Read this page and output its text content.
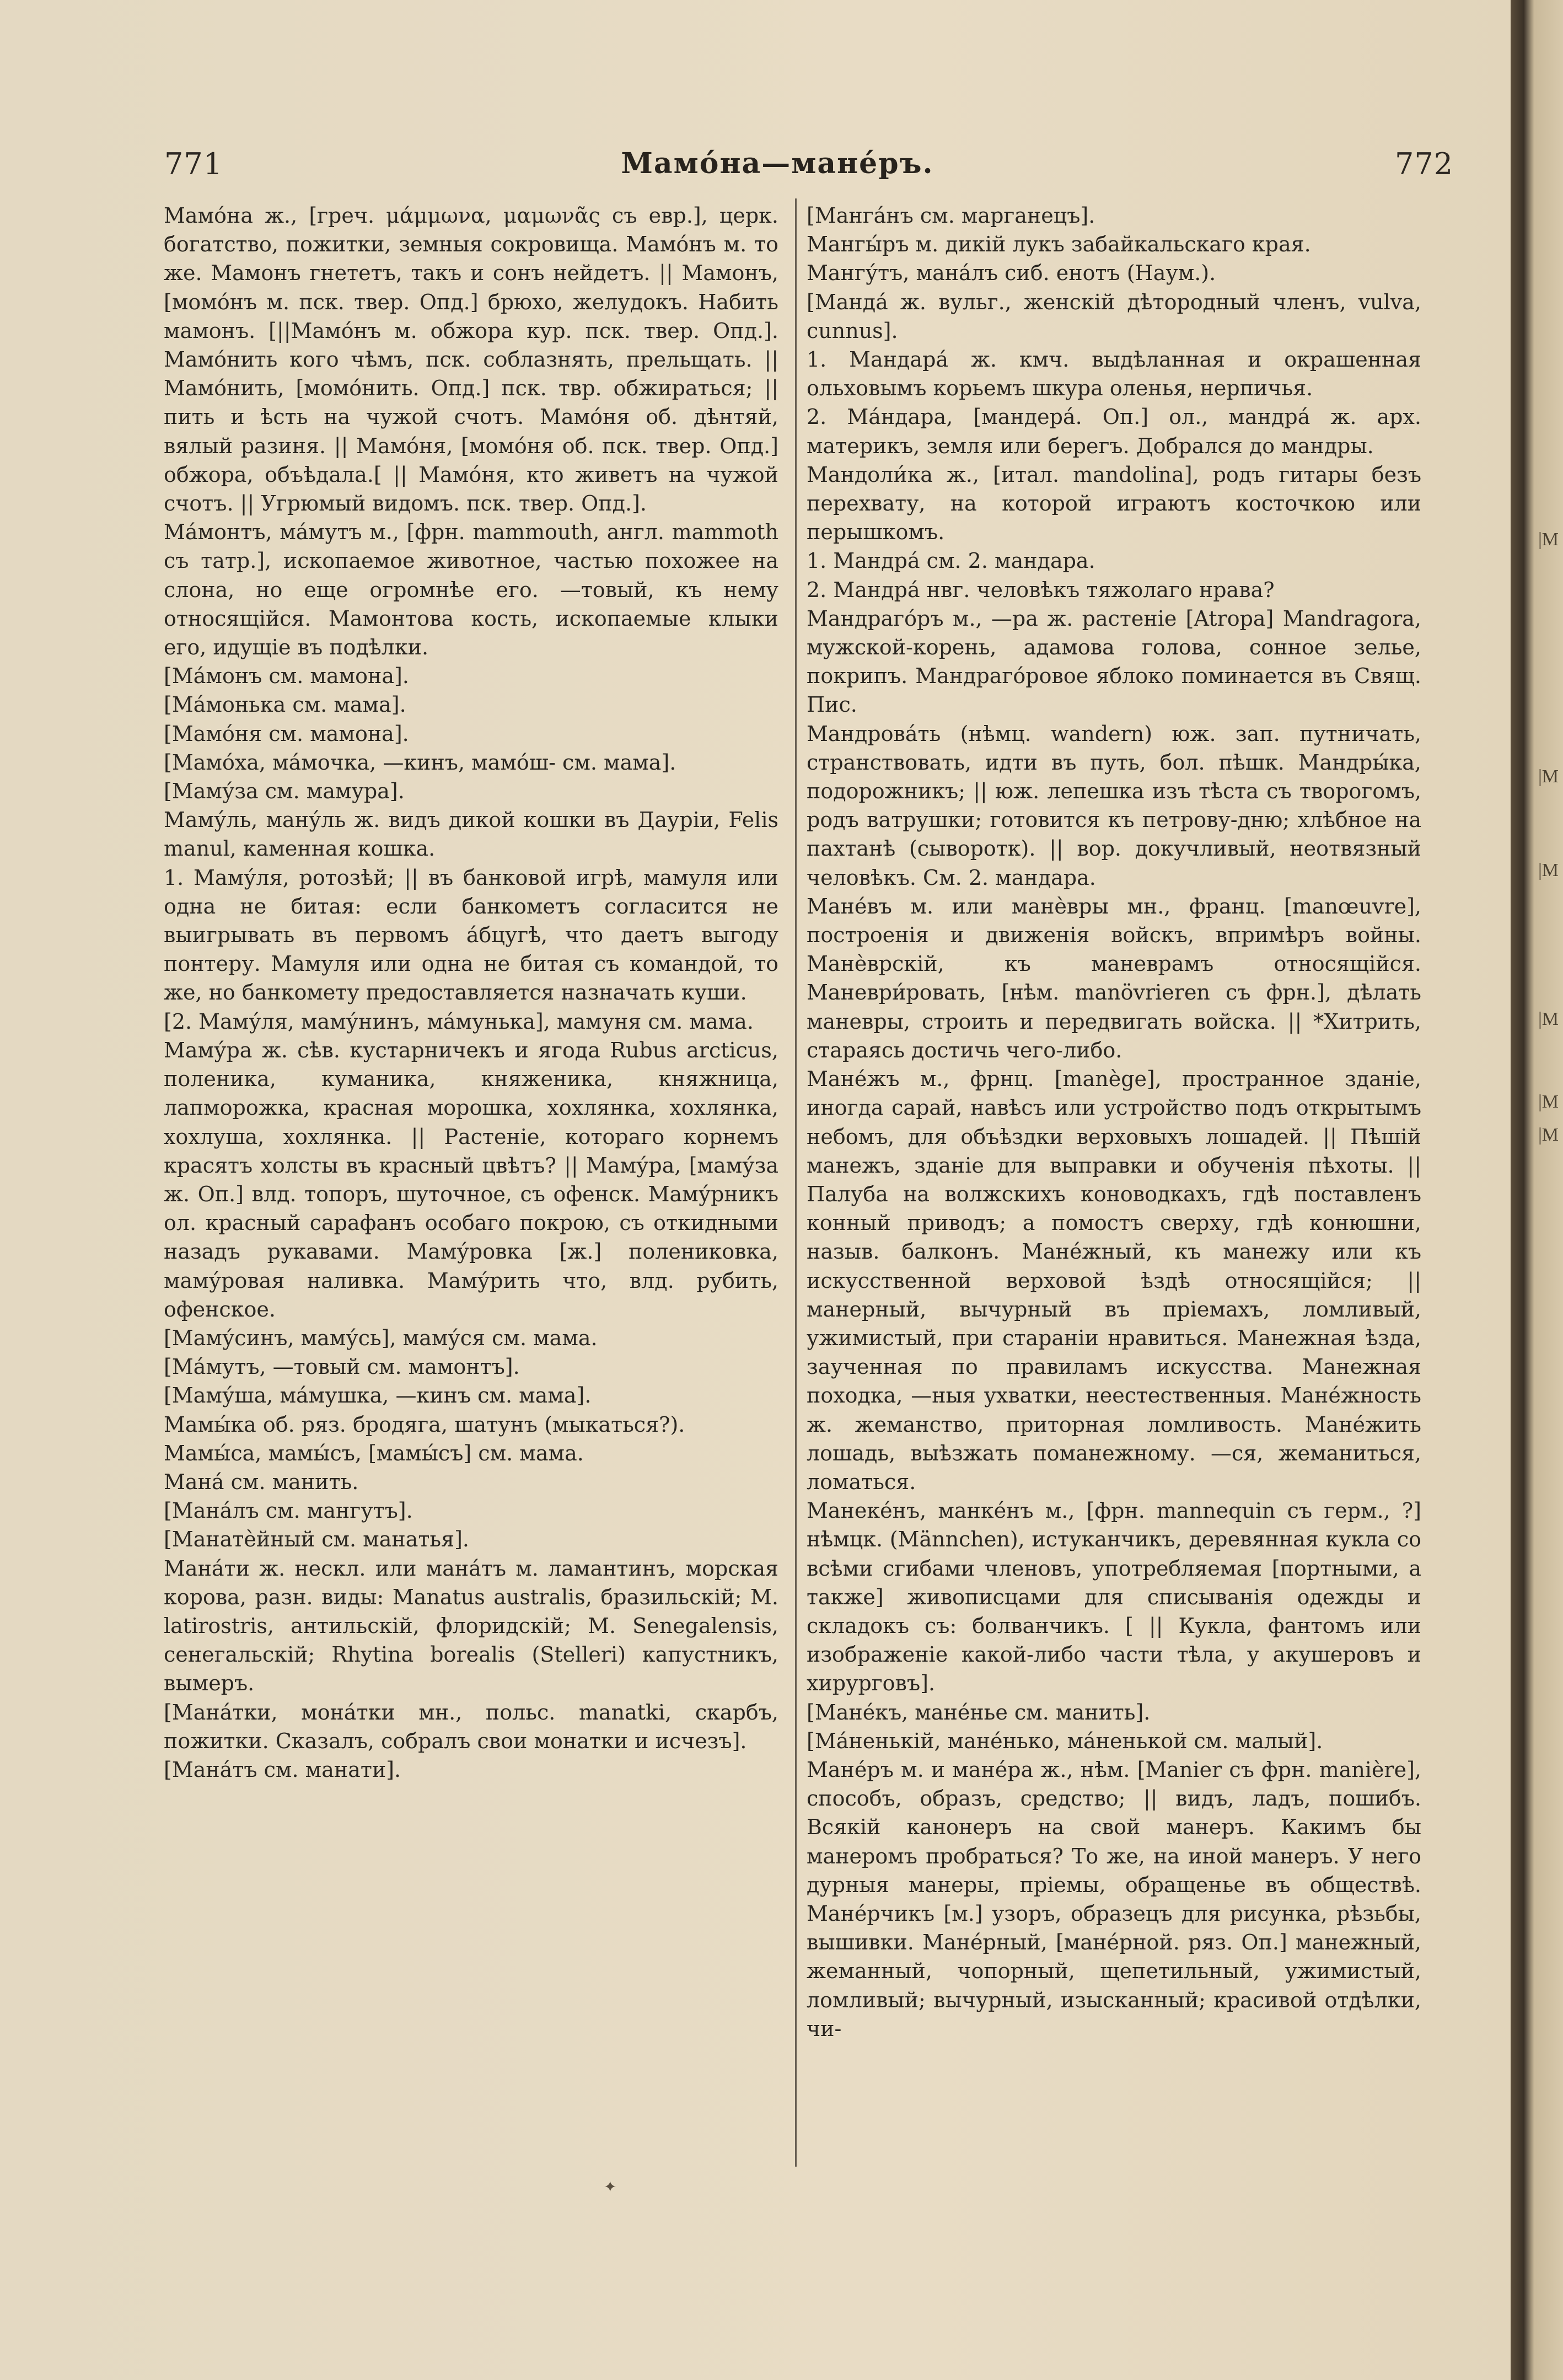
771	Мамо́на—мане́ръ.	772

Мамо́на ж., [греч. μάμμωνα, μαμωνᾶς съ евр.], церк. богатство, пожитки, земныя сокровища. Мамо́нъ м. то же. Мамонъ гнететъ, такъ и сонъ нейдетъ. || Мамонъ, [момо́нъ м. пск. твер. Опд.] брюхо, желудокъ. Набить мамонъ. [||Мамо́нъ м. обжора кур. пск. твер. Опд.]. Мамо́нить кого чѣмъ, пск. соблазнять, прельщать. ||Мамо́нить, [момо́нить. Опд.] пск. твр. обжираться; || пить и ѣсть на чужой счотъ. Мамо́ня об. дѣнтяй, вялый разиня. || Мамо́ня, [момо́ня об. пск. твер. Опд.] обжора, объѣдала.[ || Мамо́ня, кто живетъ на чужой счотъ. || Угрюмый видомъ. пск. твер. Опд.].

Ма́монтъ, ма́мутъ м., [фрн. mammouth, англ. mammoth съ татр.], ископаемое животное, частью похожее на слона, но еще огромнѣе его. —товый, къ нему относящійся. Мамонтова кость, ископаемые клыки его, идущіе въ подѣлки.

[Ма́монъ см. мамона].

[Ма́монька см. мама].

[Мамо́ня см. мамона].

[Мамо́ха, ма́мочка, —кинъ, мамо́ш- см. мама].

[Маму́за см. мамура].

Маму́ль, ману́ль ж. видъ дикой кошки въ Дауріи, Felis manul, каменная кошка.

1. Маму́ля, ротозѣй; || въ банковой игрѣ, мамуля или одна не битая: если банкометъ согласится не выигрывать въ первомъ а́бцугѣ, что даетъ выгоду понтеру. Мамуля или одна не битая съ командой, то же, но банкомету предоставляется назначать куши.

[2. Маму́ля, маму́нинъ, ма́мунька], мамуня см. мама.

Маму́ра ж. сѣв. кустарничекъ и ягода Rubus arcticus, поленика, куманика, княженика, княжница, лапморожка, красная морошка, хохлянка, хохлянка, хохлуша, хохлянка. || Растеніе, котораго корнемъ красятъ холсты въ красный цвѣтъ? || Маму́ра, [маму́за ж. Оп.] влд. топоръ, шуточное, съ офенск. Маму́рникъ ол. красный сарафанъ особаго покрою, съ откидными назадъ рукавами. Маму́ровка [ж.] полениковка, маму́ровая наливка. Маму́рить что, влд. рубить, офенское.

[Маму́синъ, маму́сь], маму́ся см. мама.

[Ма́мутъ, —товый см. мамонтъ].

[Маму́ша, ма́мушка, —кинъ см. мама].

Мамы́ка об. ряз. бродяга, шатунъ (мыкаться?).

Мамы́са, мамы́съ, [мамы́съ] см. мама.

Мана́ см. манить.

[Мана́лъ см. мангутъ].

[Манатѐйный см. манатья].

Мана́ти ж. нескл. или мана́тъ м. ламантинъ, морская корова, разн. виды: Manatus australis, бразильскій; M. latirostris, антильскій, флоридскій; M. Senegalensis, сенегальскій; Rhytina borealis (Stelleri) капустникъ, вымеръ.

[Мана́тки, мона́тки мн., польс. manatki, скарбъ, пожитки. Сказалъ, собралъ свои монатки и исчезъ].

[Мана́тъ см. манати].

[Манга́нъ см. марганецъ].

Мангы́ръ м. дикій лукъ забайкальскаго края.

Мангу́тъ, мана́лъ сиб. енотъ (Наум.).

[Манда́ ж. вульг., женскій дѣтородный членъ, vulva, cunnus].

1. Мандара́ ж. кмч. выдѣланная и окрашенная ольховымъ корьемъ шкура оленья, нерпичья.

2. Ма́ндара, [мандера́. Оп.] ол., мандра́ ж. арх. материкъ, земля или берегъ. Добрался до мандры.

Мандоли́ка ж., [итал. mandolina], родъ гитары безъ перехвату, на которой играютъ косточкою или перышкомъ.

1. Мандра́ см. 2. мандара.

2. Мандра́ нвг. человѣкъ тяжолаго нрава?

Мандраго́ръ м., —ра ж. растеніе [Atropa] Mandragora, мужской-корень, адамова голова, сонное зелье, покрипъ. Мандраго́ровое яблоко поминается въ Свящ. Пис.

Мандрова́ть (нѣмц. wandern) юж. зап. путничать, странствовать, идти въ путь, бол. пѣшк. Мандры́ка, подорожникъ; || юж. лепешка изъ тѣста съ творогомъ, родъ ватрушки; готовится къ петрову-дню; хлѣбное на пахтанѣ (сыворотк). || вор. докучливый, неотвязный человѣкъ. См. 2. мандара.

Мане́въ м. или манѐвры мн., франц. [manœuvre], построенія и движенія войскъ, впримѣръ войны. Манѐврскій, къ маневрамъ относящійся. Маневри́ровать, [нѣм. manövrieren съ фрн.], дѣлать маневры, строить и передвигать войска. || *Хитрить, стараясь достичь чего-либо.

Мане́жъ м., фрнц. [manège], пространное зданіе, иногда сарай, навѣсъ или устройство подъ открытымъ небомъ, для объѣздки верховыхъ лошадей. || Пѣшій манежъ, зданіе для выправки и обученія пѣхоты. || Палуба на волжскихъ коноводкахъ, гдѣ поставленъ конный приводъ; а помостъ сверху, гдѣ конюшни, назыв. балконъ. Мане́жный, къ манежу или къ искусственной верховой ѣздѣ относящійся; || манерный, вычурный въ пріемахъ, ломливый, ужимистый, при стараніи нравиться. Манежная ѣзда, заученная по правиламъ искусства. Манежная походка, —ныя ухватки, неестественныя. Мане́жность ж. жеманство, приторная ломливость. Мане́жить лошадь, выѣзжать поманежному. —ся, жеманиться, ломаться.

Манеке́нъ, манке́нъ м., [фрн. mannequin съ герм., ?] нѣмцк. (Männchen), истуканчикъ, деревянная кукла со всѣми сгибами членовъ, употребляемая [портными, а также] живописцами для списыванія одежды и складокъ съ: болванчикъ. [ || Кукла, фантомъ или изображеніе какой-либо части тѣла, у акушеровъ и хирурговъ].

[Мане́къ, мане́нье см. манить].

[Ма́ненькій, мане́нько, ма́ненькой см. малый].

Мане́ръ м. и мане́ра ж., нѣм. [Manier съ фрн. manière], способъ, образъ, средство; || видъ, ладъ, пошибъ. Всякій канонеръ на свой манеръ. Какимъ бы манеромъ пробраться? То же, на иной манеръ. У него дурныя манеры, пріемы, обращенье въ обществѣ. Мане́рчикъ [м.] узоръ, образецъ для рисунка, рѣзьбы, вышивки. Мане́рный, [мане́рной. ряз. Оп.] манежный, жеманный, чопорный, щепетильный, ужимистый, ломливый; вычурный, изысканный; красивой отдѣлки, чи-

✦
|М
|М
|М
|М
|М
|М
